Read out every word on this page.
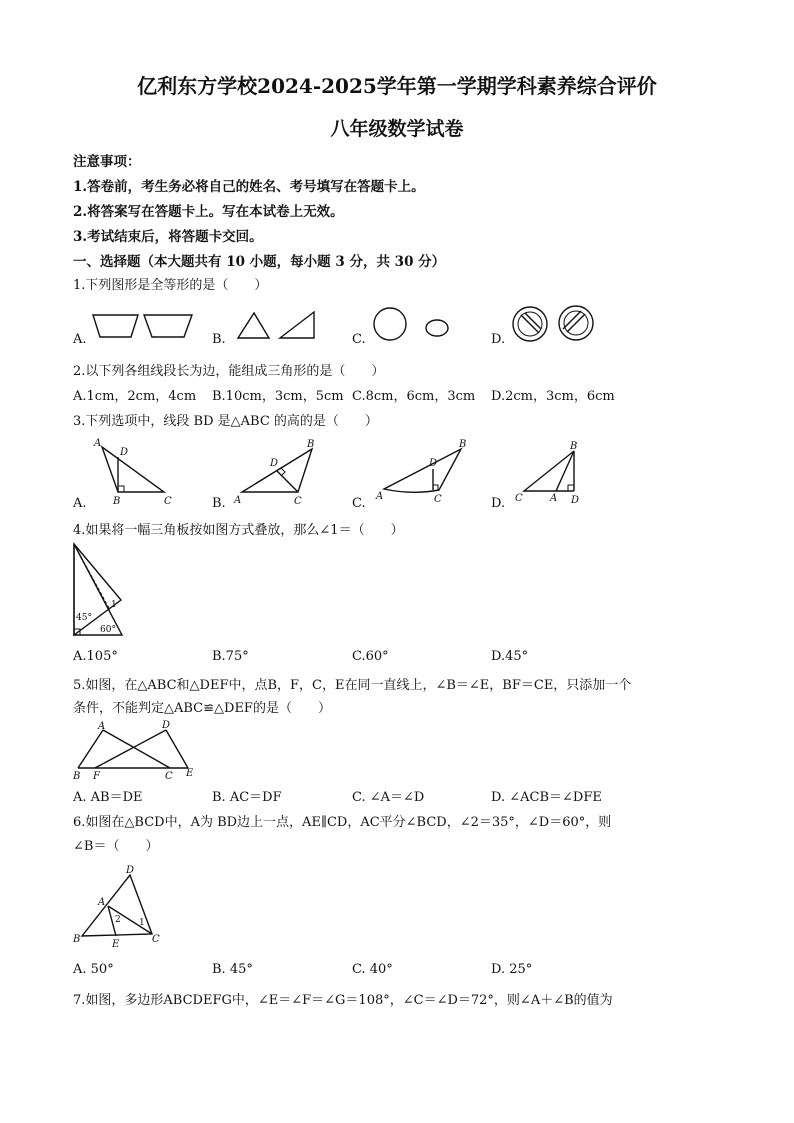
亿利东方学校2024-2025学年第一学期学科素养综合评价
八年级数学试卷
注意事项：
1.答卷前，考生务必将自己的姓名、考号填写在答题卡上。
2.将答案写在答题卡上。写在本试卷上无效。
3.考试结束后，将答题卡交回。
一、选择题（本大题共有 10 小题，每小题 3 分，共 30 分）
1.下列图形是全等形的是（　　）
A.	B.	C.	D.
2.以下列各组线段长为边，能组成三角形的是（　　）
A.1cm，2cm，4cm B.10cm，3cm，5cm C.8cm，6cm，3cm D.2cm，3cm，6cm
3.下列选项中，线段 BD 是△ABC 的高的是（　　）
A.	B.	C.	D.
A
D
B	C	A
D
B
C	A
D
B
C	C	A
B
D
4.如果将一幅三角板按如图方式叠放，那么∠1＝（　　）
45°
60°
1
A.105°	B.75°	C.60°	D.45°
5.如图，在△ABC和△DEF中，点B，F，C，E在同一直线上，∠B＝∠E，BF＝CE，只添加一个
条件，不能判定△ABC≌△DEF的是（　　）
A	D
B F	C E
A. AB＝DE	B. AC＝DF	C. ∠A＝∠D	D. ∠ACB＝∠DFE
6.如图在△BCD中，A为 BD边上一点，AE∥CD，AC平分∠BCD，∠2＝35°，∠D＝60°，则
∠B＝（　　）
D
A
B	E	C
2 1
A. 50°	B. 45°	C. 40°	D. 25°
7.如图，多边形ABCDEFG中，∠E＝∠F＝∠G＝108°，∠C＝∠D＝72°，则∠A＋∠B的值为
